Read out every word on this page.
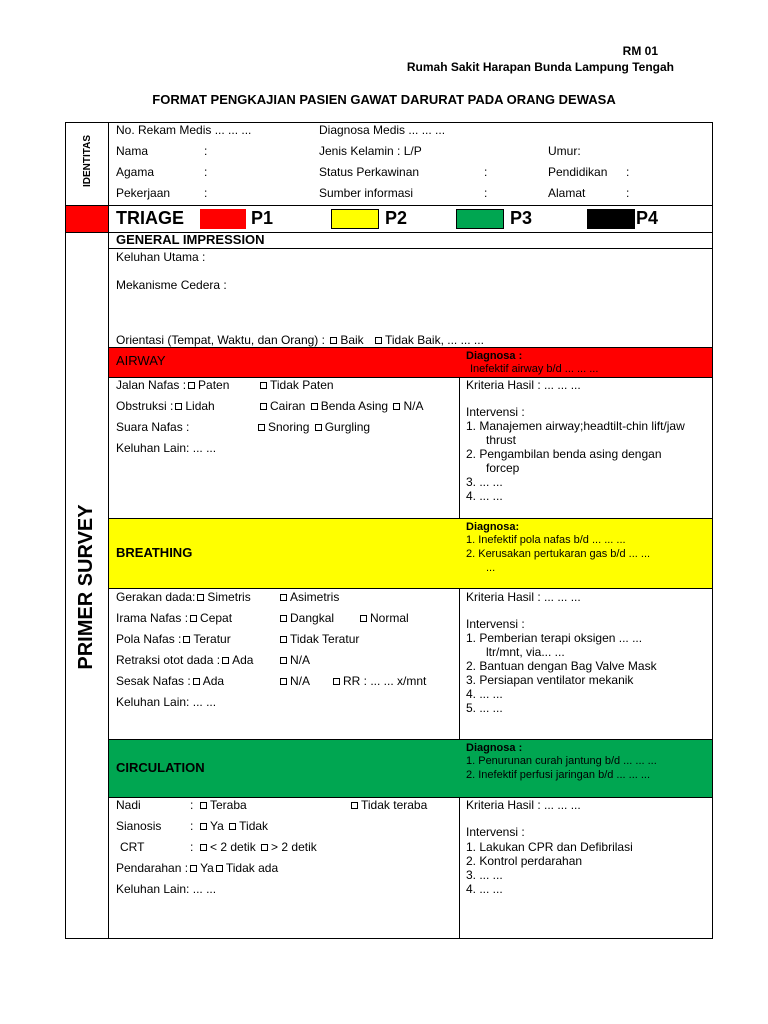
RM 01
Rumah Sakit Harapan Bunda Lampung Tengah
FORMAT PENGKAJIAN PASIEN GAWAT DARURAT PADA ORANG DEWASA
IDENTITAS
No. Rekam Medis ... ... ...	Diagnosa Medis ... ... ...
Nama	:	Jenis Kelamin : L/P	Umur:
Agama	:	Status Perkawinan	:	Pendidikan :
Pekerjaan	:	Sumber informasi	:	Alamat	:
TRIAGE	P1	P2	P3	P4
PRIMER SURVEY
GENERAL IMPRESSION
Keluhan Utama :
Mekanisme Cedera :
Orientasi (Tempat, Waktu, dan Orang) : Baik Tidak Baik, ... ... ...
AIRWAY	Diagnosa :
Inefektif airway b/d ... ... ...
Jalan Nafas : Paten	Tidak Paten
Obstruksi : Lidah	Cairan Benda Asing N/A
Suara Nafas :	Snoring Gurgling
Keluhan Lain: ... ...
Kriteria Hasil : ... ... ...
Intervensi :
1. Manajemen airway;headtilt-chin lift/jaw
thrust
2. Pengambilan benda asing dengan
forcep
3. ... ...
4. ... ...
BREATHING
Diagnosa:
1. Inefektif pola nafas b/d ... ... ...
2. Kerusakan pertukaran gas b/d ... ...
...
Gerakan dada: Simetris	Asimetris
Irama Nafas : Cepat	Dangkal	Normal
Pola Nafas : Teratur	Tidak Teratur
Retraksi otot dada : Ada	N/A
Sesak Nafas : Ada	N/A	RR : ... ... x/mnt
Keluhan Lain: ... ...
Kriteria Hasil : ... ... ...
Intervensi :
1. Pemberian terapi oksigen ... ...
ltr/mnt, via... ...
2. Bantuan dengan Bag Valve Mask
3. Persiapan ventilator mekanik
4. ... ...
5. ... ...
CIRCULATION
Diagnosa :
1. Penurunan curah jantung b/d ... ... ...
2. Inefektif perfusi jaringan b/d ... ... ...
Nadi	:	Teraba	Tidak teraba
Sianosis :	Ya Tidak
CRT	:	< 2 detik > 2 detik
Pendarahan : Ya Tidak ada
Keluhan Lain: ... ...
Kriteria Hasil : ... ... ...
Intervensi :
1. Lakukan CPR dan Defibrilasi
2. Kontrol perdarahan
3. ... ...
4. ... ...
